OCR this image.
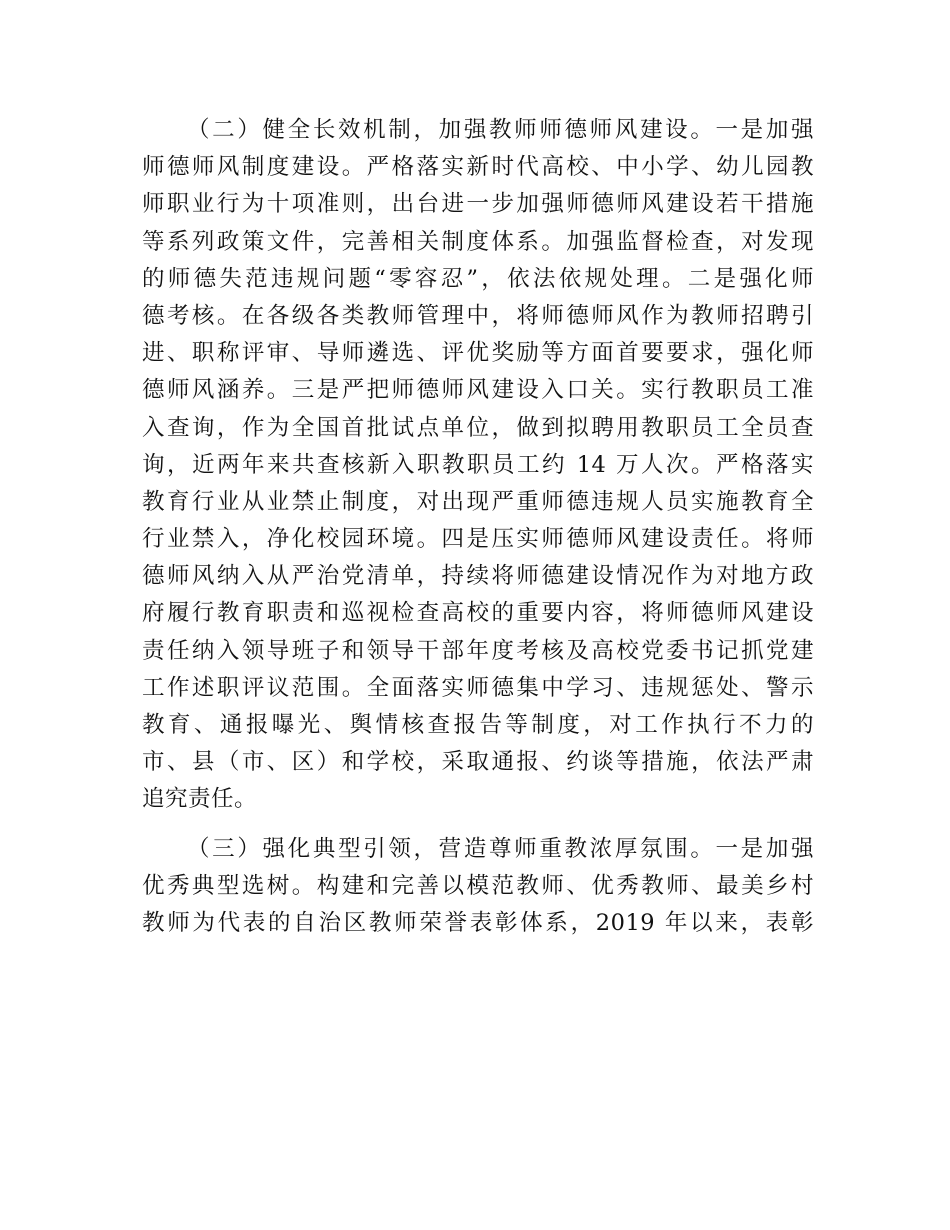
（二）健全长效机制，加强教师师德师风建设。一是加强
师德师风制度建设。严格落实新时代高校、中小学、幼儿园教
师职业行为十项准则，出台进一步加强师德师风建设若干措施
等系列政策文件，完善相关制度体系。加强监督检查，对发现
的师德失范违规问题“零容忍”，依法依规处理。二是强化师
德考核。在各级各类教师管理中，将师德师风作为教师招聘引
进、职称评审、导师遴选、评优奖励等方面首要要求，强化师
德师风涵养。三是严把师德师风建设入口关。实行教职员工准
入查询，作为全国首批试点单位，做到拟聘用教职员工全员查
询，近两年来共查核新入职教职员工约 14 万人次。严格落实
教育行业从业禁止制度，对出现严重师德违规人员实施教育全
行业禁入，净化校园环境。四是压实师德师风建设责任。将师
德师风纳入从严治党清单，持续将师德建设情况作为对地方政
府履行教育职责和巡视检查高校的重要内容，将师德师风建设
责任纳入领导班子和领导干部年度考核及高校党委书记抓党建
工作述职评议范围。全面落实师德集中学习、违规惩处、警示
教育、通报曝光、舆情核查报告等制度，对工作执行不力的
市、县（市、区）和学校，采取通报、约谈等措施，依法严肃
追究责任。
（三）强化典型引领，营造尊师重教浓厚氛围。一是加强
优秀典型选树。构建和完善以模范教师、优秀教师、最美乡村
教师为代表的自治区教师荣誉表彰体系，2019 年以来，表彰
